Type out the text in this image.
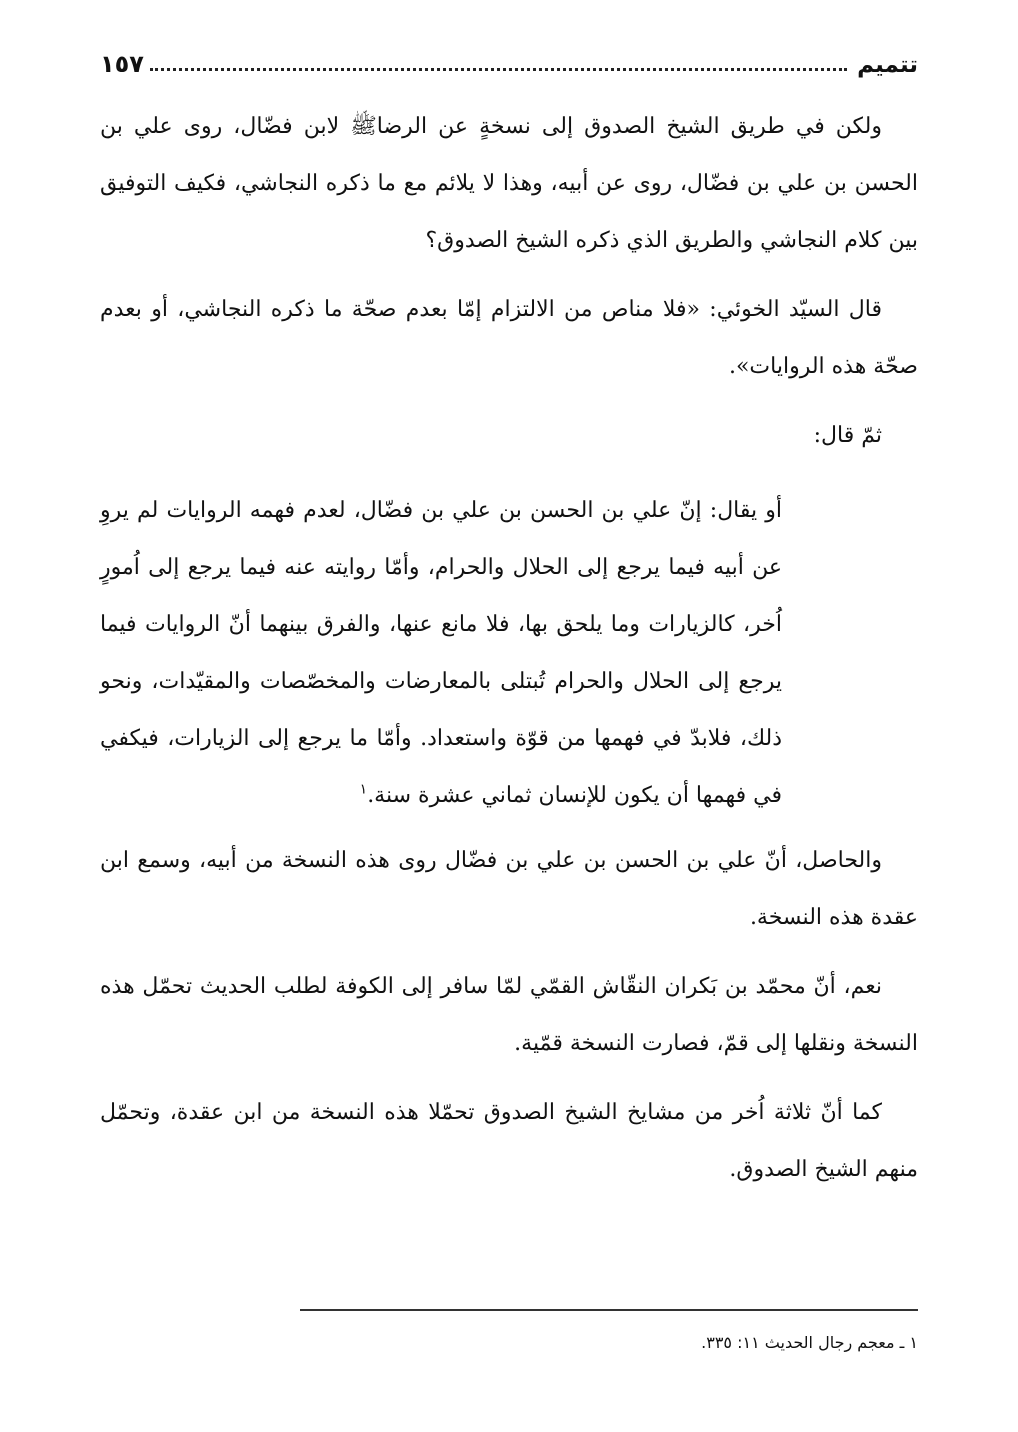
تتميم
١٥٧

ولكن في طريق الشيخ الصدوق إلى نسخةٍ عن الرضاﷺ لابن فضّال، روى علي بن الحسن بن علي بن فضّال، روى عن أبيه، وهذا لا يلائم مع ما ذكره النجاشي، فكيف التوفيق بين كلام النجاشي والطريق الذي ذكره الشيخ الصدوق؟

قال السيّد الخوئي: «فلا مناص من الالتزام إمّا بعدم صحّة ما ذكره النجاشي، أو بعدم صحّة هذه الروايات».

ثمّ قال:

أو يقال: إنّ علي بن الحسن بن علي بن فضّال، لعدم فهمه الروايات لم يروِ عن أبيه فيما يرجع إلى الحلال والحرام، وأمّا روايته عنه فيما يرجع إلى اُمورٍ اُخر، كالزيارات وما يلحق بها، فلا مانع عنها، والفرق بينهما أنّ الروايات فيما يرجع إلى الحلال والحرام تُبتلى بالمعارضات والمخصّصات والمقيّدات، ونحو ذلك، فلابدّ في فهمها من قوّة واستعداد. وأمّا ما يرجع إلى الزيارات، فيكفي في فهمها أن يكون للإنسان ثماني عشرة سنة.$^١$

والحاصل، أنّ علي بن الحسن بن علي بن فضّال روى هذه النسخة من أبيه، وسمع ابن عقدة هذه النسخة.

نعم، أنّ محمّد بن بَكران النقّاش القمّي لمّا سافر إلى الكوفة لطلب الحديث تحمّل هذه النسخة ونقلها إلى قمّ، فصارت النسخة قمّية.

كما أنّ ثلاثة اُخر من مشايخ الشيخ الصدوق تحمّلا هذه النسخة من ابن عقدة، وتحمّل منهم الشيخ الصدوق.

١ ـ معجم رجال الحديث ١١: ٣٣٥.
